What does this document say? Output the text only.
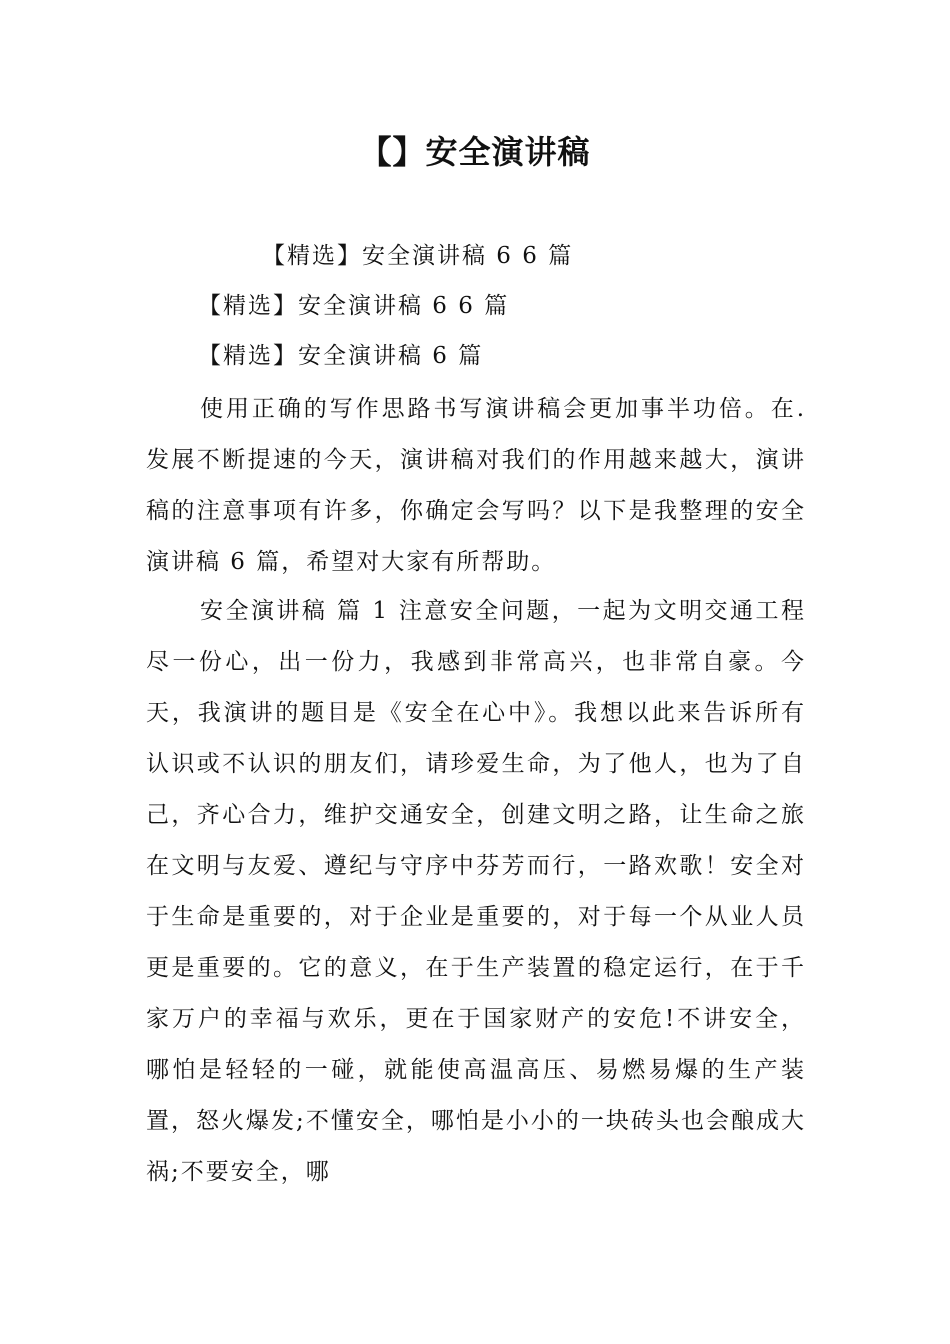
【】安全演讲稿
【精选】安全演讲稿 6 6 篇
【精选】安全演讲稿 6 6 篇
【精选】安全演讲稿 6 篇

使用正确的写作思路书写演讲稿会更加事半功倍。在.发展不断提速的今天，演讲稿对我们的作用越来越大，演讲稿的注意事项有许多，你确定会写吗？以下是我整理的安全演讲稿 6 篇，希望对大家有所帮助。

安全演讲稿 篇 1 注意安全问题，一起为文明交通工程尽一份心，出一份力，我感到非常高兴，也非常自豪。今天，我演讲的题目是《安全在心中》。我想以此来告诉所有认识或不认识的朋友们，请珍爱生命，为了他人，也为了自己，齐心合力，维护交通安全，创建文明之路，让生命之旅在文明与友爱、遵纪与守序中芬芳而行，一路欢歌！安全对于生命是重要的，对于企业是重要的，对于每一个从业人员更是重要的。它的意义，在于生产装置的稳定运行，在于千家万户的幸福与欢乐，更在于国家财产的安危!不讲安全，哪怕是轻轻的一碰，就能使高温高压、易燃易爆的生产装置，怒火爆发;不懂安全，哪怕是小小的一块砖头也会酿成大祸;不要安全，哪
